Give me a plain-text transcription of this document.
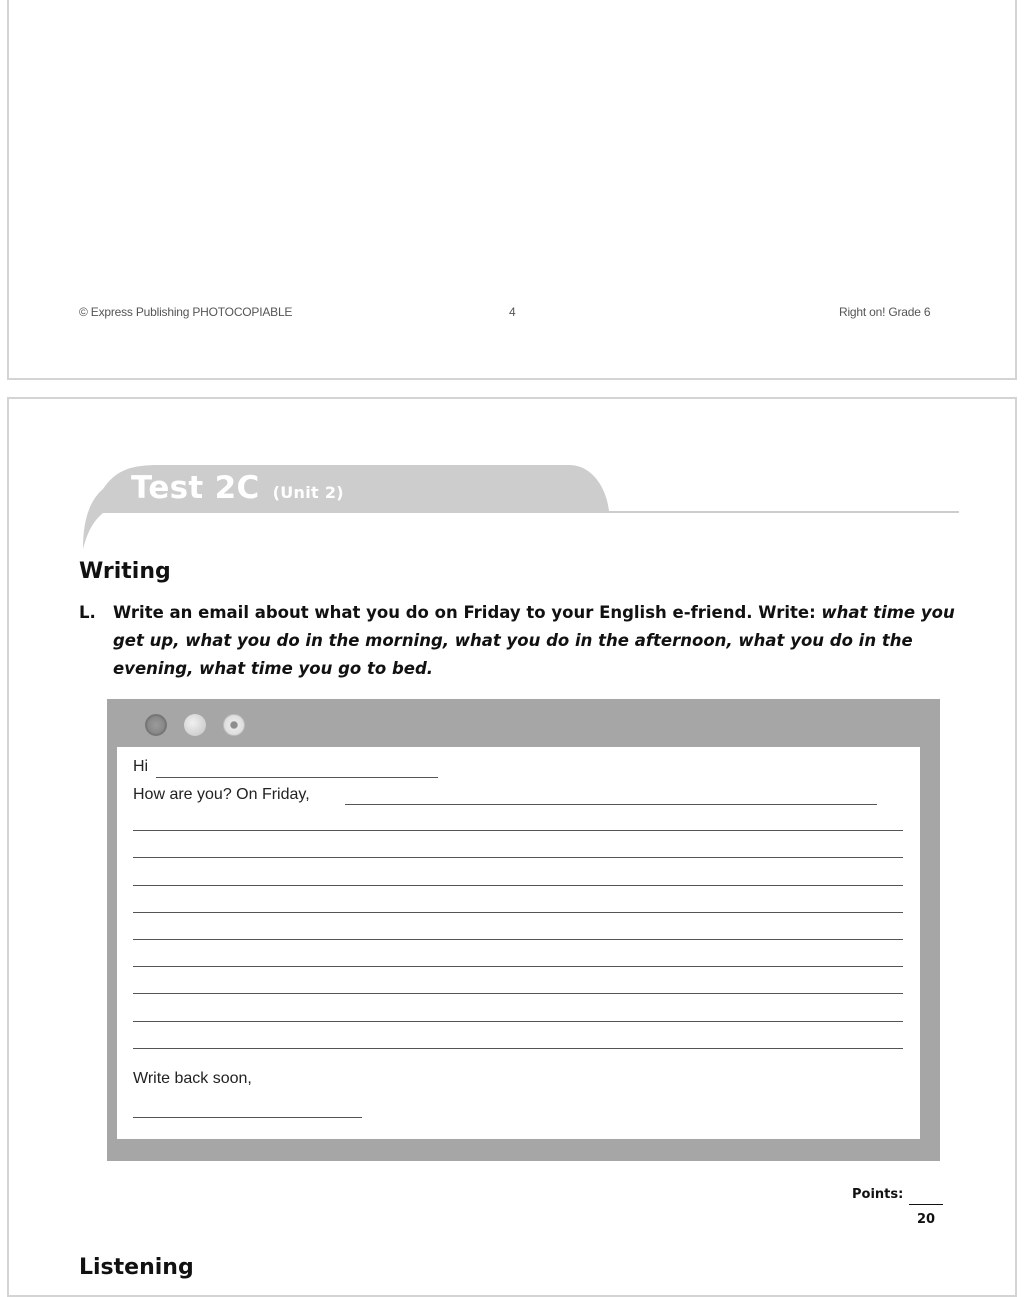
© Express Publishing PHOTOCOPIABLE	4	Right on! Grade 6
Test 2C (Unit 2)
Writing
L. Write an email about what you do on Friday to your English e-friend. Write: what time you get up, what you do in the morning, what you do in the afternoon, what you do in the evening, what time you go to bed.
Hi
How are you? On Friday,
Write back soon,
Points:
20
Listening
